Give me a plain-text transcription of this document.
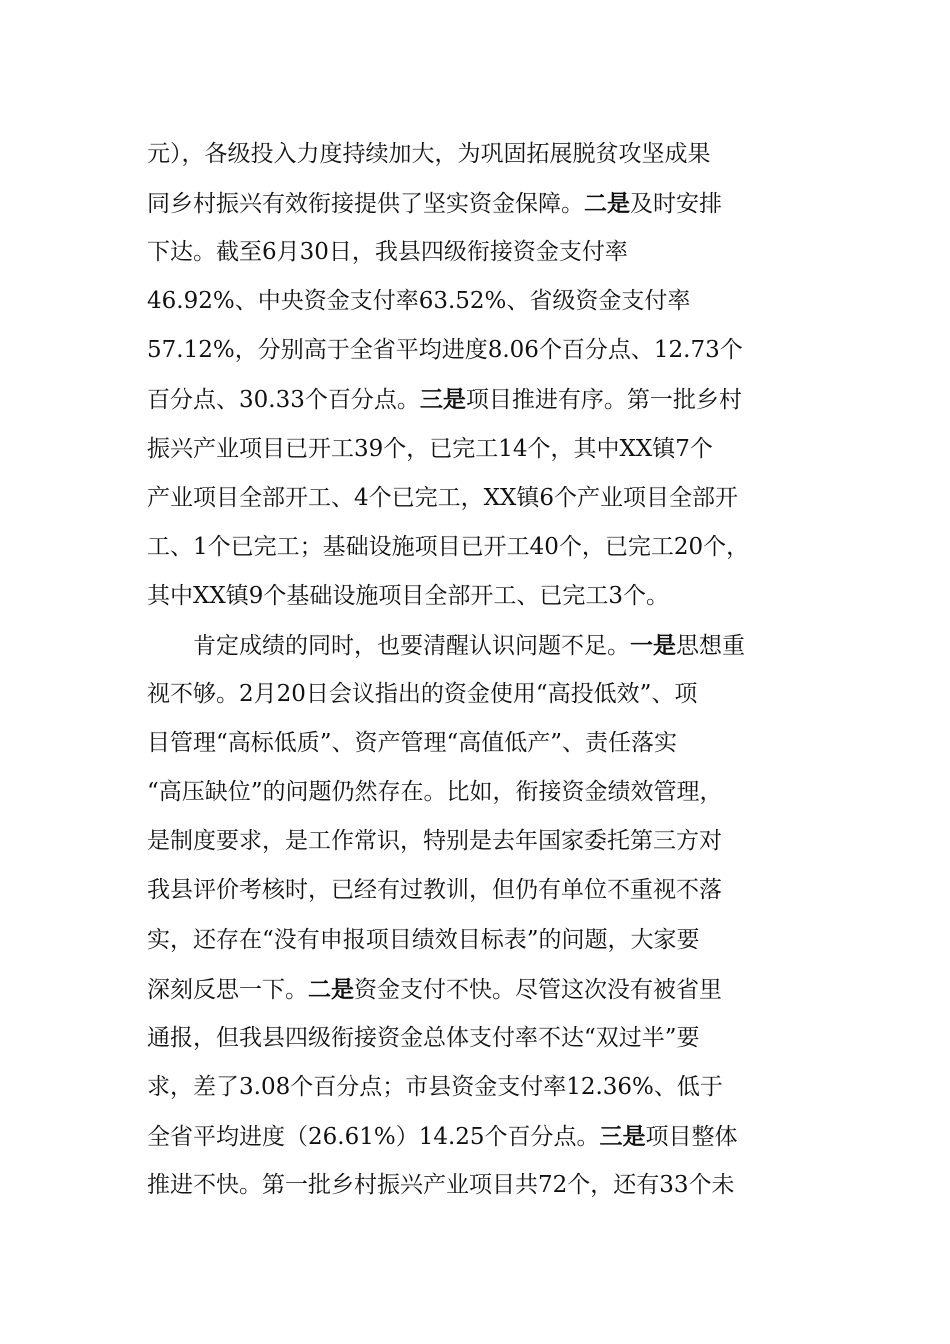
元），各级投入力度持续加大，为巩固拓展脱贫攻坚成果
同乡村振兴有效衔接提供了坚实资金保障。二是及时安排
下达。截至6月30日，我县四级衔接资金支付率
46.92%、中央资金支付率63.52%、省级资金支付率
57.12%，分别高于全省平均进度8.06个百分点、12.73个
百分点、30.33个百分点。三是项目推进有序。第一批乡村
振兴产业项目已开工39个，已完工14个，其中XX镇7个
产业项目全部开工、4个已完工，XX镇6个产业项目全部开
工、1个已完工；基础设施项目已开工40个，已完工20个，
其中XX镇9个基础设施项目全部开工、已完工3个。
肯定成绩的同时，也要清醒认识问题不足。一是思想重
视不够。2月20日会议指出的资金使用“高投低效”、项
目管理“高标低质”、资产管理“高值低产”、责任落实
“高压缺位”的问题仍然存在。比如，衔接资金绩效管理，
是制度要求，是工作常识，特别是去年国家委托第三方对
我县评价考核时，已经有过教训，但仍有单位不重视不落
实，还存在“没有申报项目绩效目标表”的问题，大家要
深刻反思一下。二是资金支付不快。尽管这次没有被省里
通报，但我县四级衔接资金总体支付率不达“双过半”要
求，差了3.08个百分点；市县资金支付率12.36%、低于
全省平均进度（26.61%）14.25个百分点。三是项目整体
推进不快。第一批乡村振兴产业项目共72个，还有33个未
